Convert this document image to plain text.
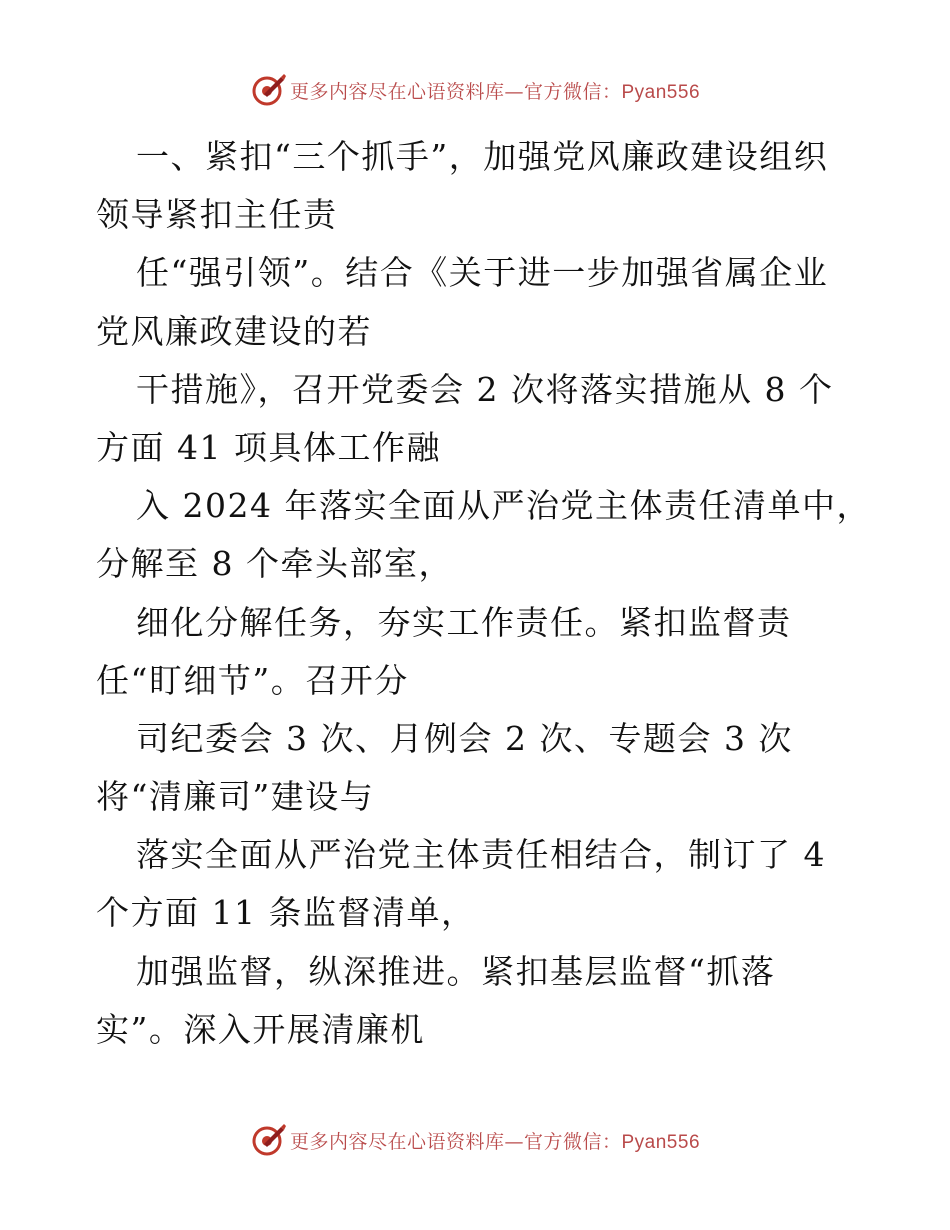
更多内容尽在心语资料库—官方微信：Pyan556
一、紧扣“三个抓手”，加强党风廉政建设组织
领导紧扣主任责
任“强引领”。结合《关于进一步加强省属企业
党风廉政建设的若
干措施》，召开党委会 2 次将落实措施从 8 个
方面 41 项具体工作融
入 2024 年落实全面从严治党主体责任清单中，
分解至 8 个牵头部室，
细化分解任务，夯实工作责任。紧扣监督责
任“盯细节”。召开分
司纪委会 3 次、月例会 2 次、专题会 3 次
将“清廉司”建设与
落实全面从严治党主体责任相结合，制订了 4
个方面 11 条监督清单，
加强监督，纵深推进。紧扣基层监督“抓落
实”。深入开展清廉机
更多内容尽在心语资料库—官方微信：Pyan556
